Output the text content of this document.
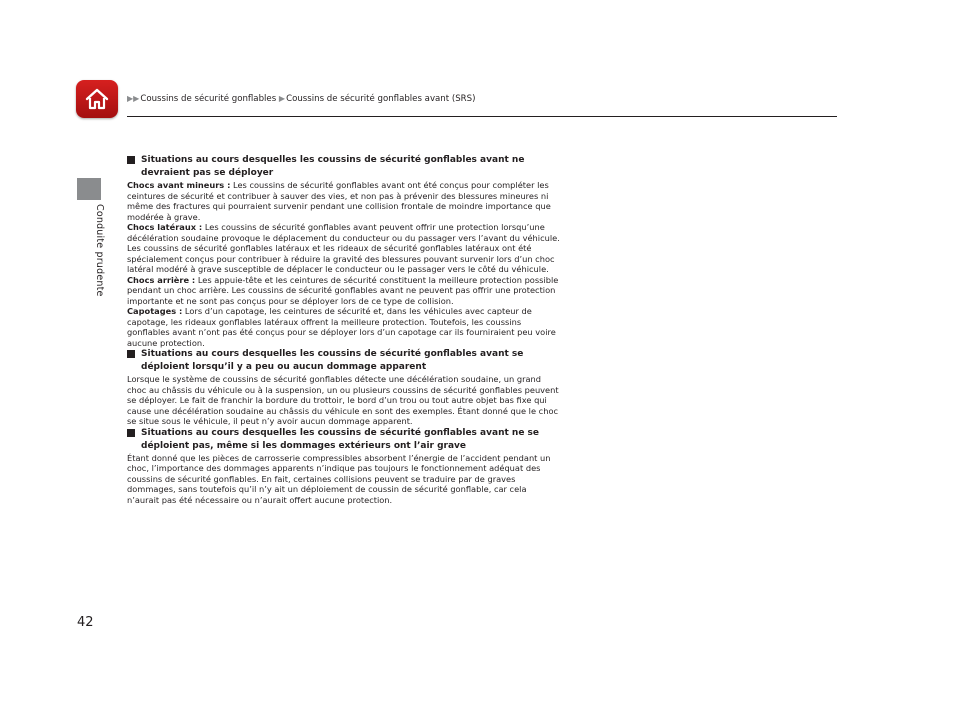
▶▶Coussins de sécurité gonflables ▶Coussins de sécurité gonflables avant (SRS)
Conduite prudente
Situations au cours desquelles les coussins de sécurité gonflables avant ne
devraient pas se déployer

Chocs avant mineurs : Les coussins de sécurité gonflables avant ont été conçus pour compléter les ceintures de sécurité et contribuer à sauver des vies, et non pas à prévenir des blessures mineures ni même des fractures qui pourraient survenir pendant une collision frontale de moindre importance que modérée à grave.

Chocs latéraux : Les coussins de sécurité gonflables avant peuvent offrir une protection lorsqu’une décélération soudaine provoque le déplacement du conducteur ou du passager vers l’avant du véhicule. Les coussins de sécurité gonflables latéraux et les rideaux de sécurité gonflables latéraux ont été spécialement conçus pour contribuer à réduire la gravité des blessures pouvant survenir lors d’un choc latéral modéré à grave susceptible de déplacer le conducteur ou le passager vers le côté du véhicule.

Chocs arrière : Les appuie-tête et les ceintures de sécurité constituent la meilleure protection possible pendant un choc arrière. Les coussins de sécurité gonflables avant ne peuvent pas offrir une protection importante et ne sont pas conçus pour se déployer lors de ce type de collision.

Capotages : Lors d’un capotage, les ceintures de sécurité et, dans les véhicules avec capteur de capotage, les rideaux gonflables latéraux offrent la meilleure protection. Toutefois, les coussins gonflables avant n’ont pas été conçus pour se déployer lors d’un capotage car ils fourniraient peu voire aucune protection.

Situations au cours desquelles les coussins de sécurité gonflables avant se
déploient lorsqu’il y a peu ou aucun dommage apparent

Lorsque le système de coussins de sécurité gonflables détecte une décélération soudaine, un grand choc au châssis du véhicule ou à la suspension, un ou plusieurs coussins de sécurité gonflables peuvent se déployer. Le fait de franchir la bordure du trottoir, le bord d’un trou ou tout autre objet bas fixe qui cause une décélération soudaine au châssis du véhicule en sont des exemples. Étant donné que le choc se situe sous le véhicule, il peut n’y avoir aucun dommage apparent.

Situations au cours desquelles les coussins de sécurité gonflables avant ne se
déploient pas, même si les dommages extérieurs ont l’air grave

Étant donné que les pièces de carrosserie compressibles absorbent l’énergie de l’accident pendant un choc, l’importance des dommages apparents n’indique pas toujours le fonctionnement adéquat des coussins de sécurité gonflables. En fait, certaines collisions peuvent se traduire par de graves dommages, sans toutefois qu’il n’y ait un déploiement de coussin de sécurité gonflable, car cela n’aurait pas été nécessaire ou n’aurait offert aucune protection.

42
